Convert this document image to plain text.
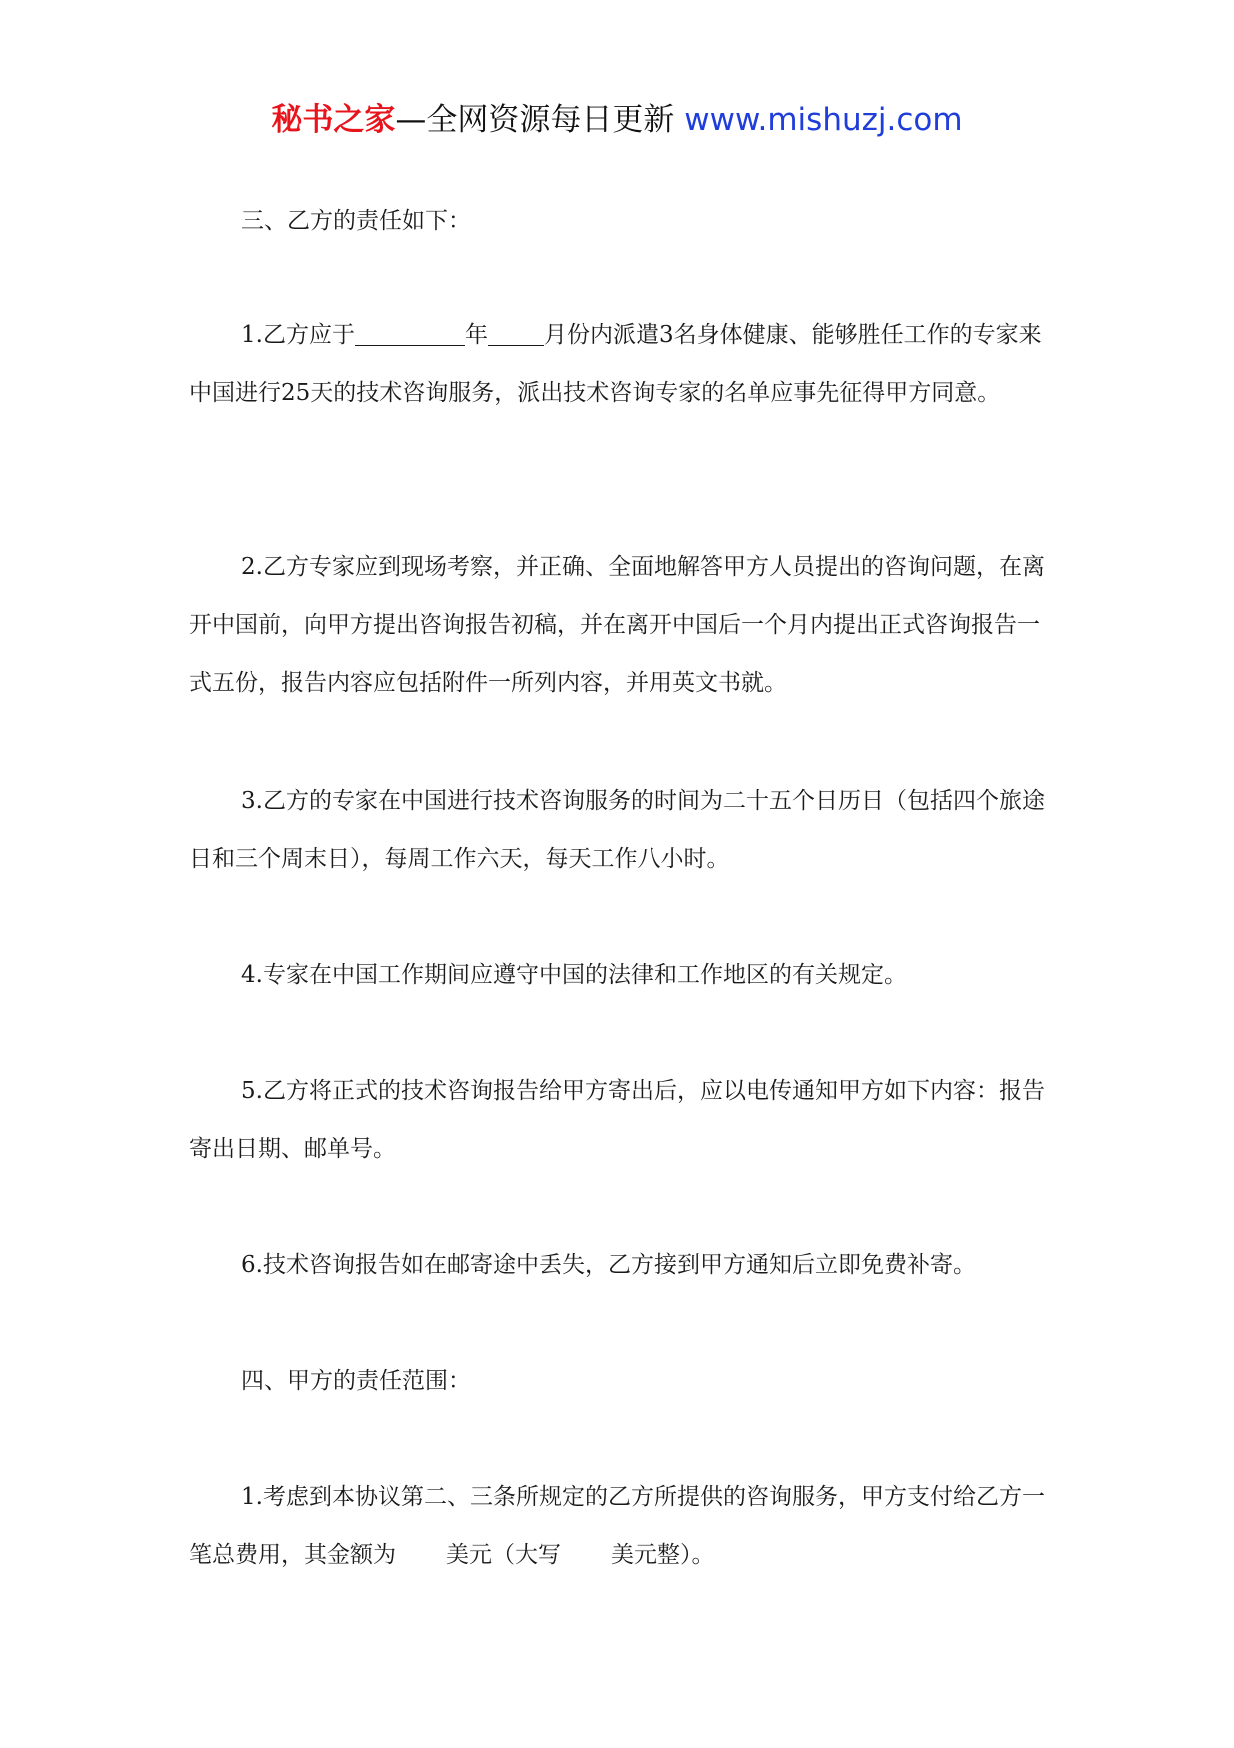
秘书之家—全网资源每日更新 www.mishuzj.com

三、乙方的责任如下：

1.乙方应于	年 月份内派遣3名身体健康、能够胜任工作的专家来中国进行25天的技术咨询服务，派出技术咨询专家的名单应事先征得甲方同意。

2.乙方专家应到现场考察，并正确、全面地解答甲方人员提出的咨询问题，在离开中国前，向甲方提出咨询报告初稿，并在离开中国后一个月内提出正式咨询报告一式五份，报告内容应包括附件一所列内容，并用英文书就。

3.乙方的专家在中国进行技术咨询服务的时间为二十五个日历日（包括四个旅途日和三个周末日），每周工作六天，每天工作八小时。

4.专家在中国工作期间应遵守中国的法律和工作地区的有关规定。

5.乙方将正式的技术咨询报告给甲方寄出后，应以电传通知甲方如下内容：报告寄出日期、邮单号。

6.技术咨询报告如在邮寄途中丢失，乙方接到甲方通知后立即免费补寄。

四、甲方的责任范围：

1.考虑到本协议第二、三条所规定的乙方所提供的咨询服务，甲方支付给乙方一笔总费用，其金额为 美元（大写 美元整）。
